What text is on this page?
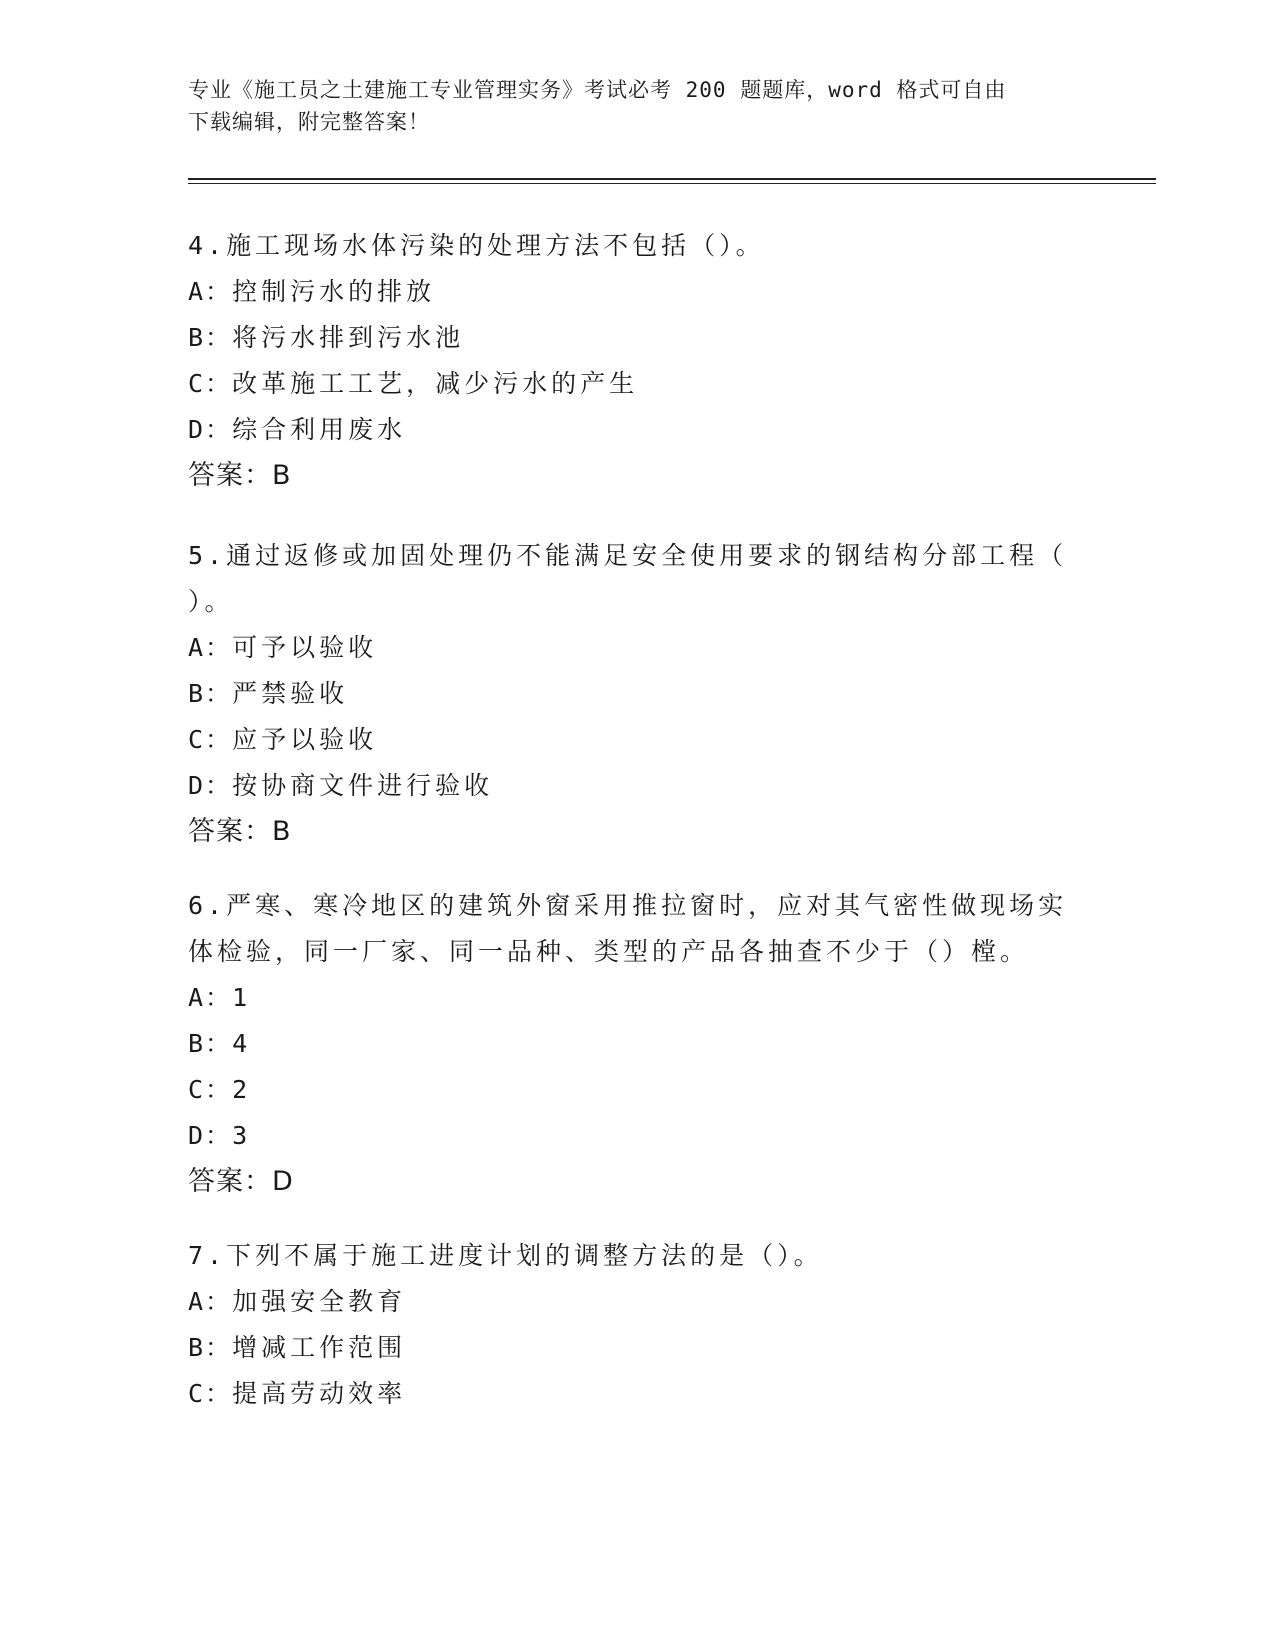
专业《施工员之土建施工专业管理实务》考试必考 200 题题库，word 格式可自由
下载编辑，附完整答案！
4.施工现场水体污染的处理方法不包括（）。
A：控制污水的排放
B：将污水排到污水池
C：改革施工工艺，减少污水的产生
D：综合利用废水
答案：B
5.通过返修或加固处理仍不能满足安全使用要求的钢结构分部工程（
）。
A：可予以验收
B：严禁验收
C：应予以验收
D：按协商文件进行验收
答案：B
6.严寒、寒冷地区的建筑外窗采用推拉窗时，应对其气密性做现场实
体检验，同一厂家、同一品种、类型的产品各抽查不少于（）樘。
A：1
B：4
C：2
D：3
答案：D
7.下列不属于施工进度计划的调整方法的是（）。
A：加强安全教育
B：增减工作范围
C：提高劳动效率
